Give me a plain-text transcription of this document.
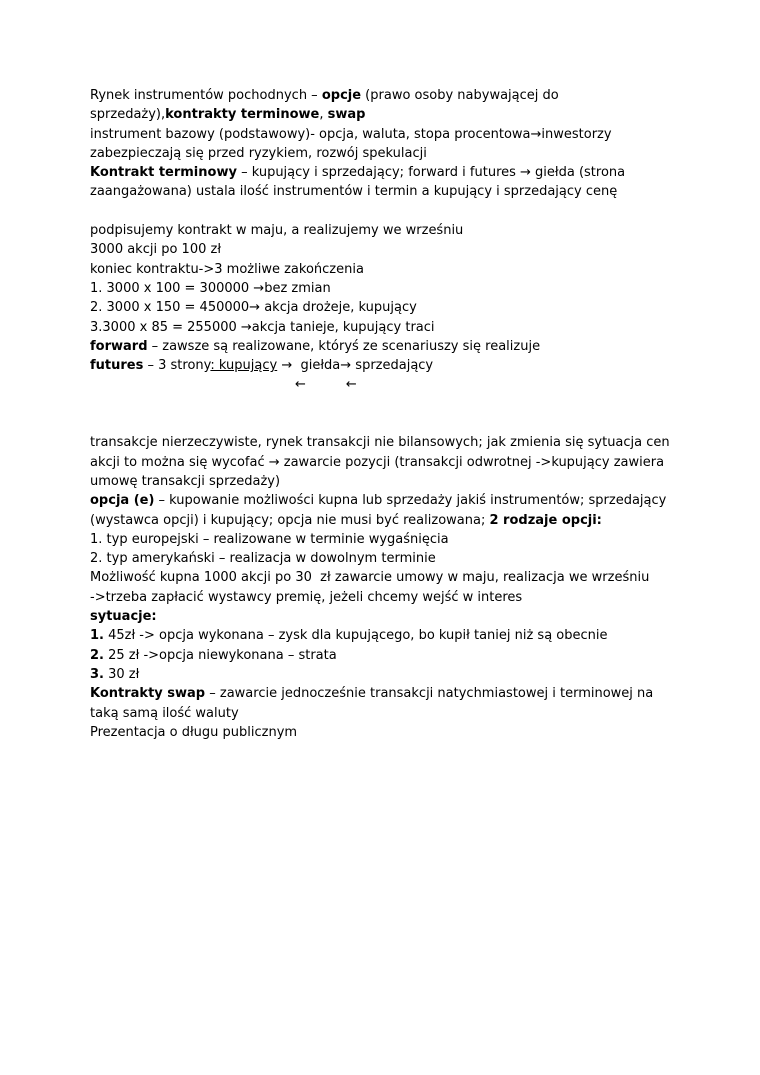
Rynek instrumentów pochodnych – opcje (prawo osoby nabywającej do sprzedaży),kontrakty terminowe, swap

instrument bazowy (podstawowy)- opcja, waluta, stopa procentowa→inwestorzy zabezpieczają się przed ryzykiem, rozwój spekulacji

Kontrakt terminowy – kupujący i sprzedający; forward i futures → giełda (strona zaangażowana) ustala ilość instrumentów i termin a kupujący i sprzedający cenę

podpisujemy kontrakt w maju, a realizujemy we wrześniu

3000 akcji po 100 zł

koniec kontraktu->3 możliwe zakończenia

1. 3000 x 100 = 300000 →bez zmian

2. 3000 x 150 = 450000→ akcja drożeje, kupujący

3.3000 x 85 = 255000 →akcja tanieje, kupujący traci

forward – zawsze są realizowane, któryś ze scenariuszy się realizuje

futures – 3 strony: kupujący →  giełda→ sprzedający

←	←

transakcje nierzeczywiste, rynek transakcji nie bilansowych; jak zmienia się sytuacja cen akcji to można się wycofać → zawarcie pozycji (transakcji odwrotnej ->kupujący zawiera umowę transakcji sprzedaży)

opcja (e) – kupowanie możliwości kupna lub sprzedaży jakiś instrumentów; sprzedający (wystawca opcji) i kupujący; opcja nie musi być realizowana; 2 rodzaje opcji:

1. typ europejski – realizowane w terminie wygaśnięcia

2. typ amerykański – realizacja w dowolnym terminie

Możliwość kupna 1000 akcji po 30  zł zawarcie umowy w maju, realizacja we wrześniu

->trzeba zapłacić wystawcy premię, jeżeli chcemy wejść w interes

sytuacje:

1. 45zł -> opcja wykonana – zysk dla kupującego, bo kupił taniej niż są obecnie

2. 25 zł ->opcja niewykonana – strata

3. 30 zł

Kontrakty swap – zawarcie jednocześnie transakcji natychmiastowej i terminowej na taką samą ilość waluty

Prezentacja o długu publicznym
